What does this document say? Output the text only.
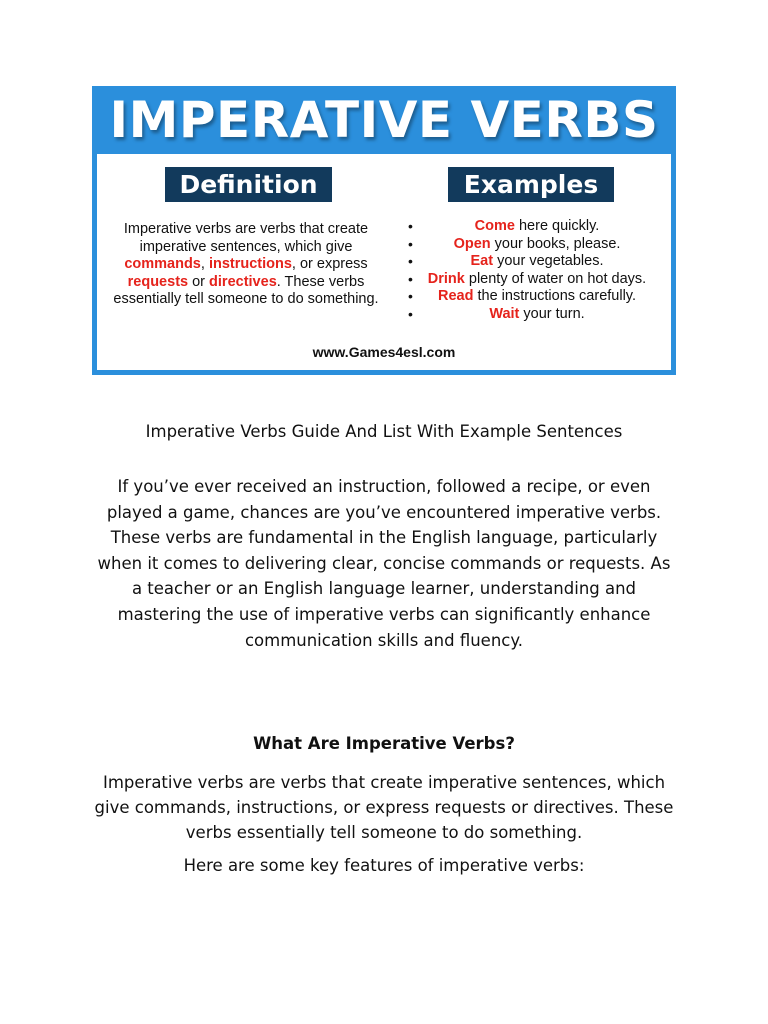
IMPERATIVE VERBS
Definition	Examples
Imperative verbs are verbs that create imperative sentences, which give commands, instructions, or express requests or directives. These verbs essentially tell someone to do something.
•	Come here quickly.
•	Open your books, please.
•	Eat your vegetables.
• Drink plenty of water on hot days.
• Read the instructions carefully.
•	Wait your turn.
www.Games4esl.com
Imperative Verbs Guide And List With Example Sentences
If you’ve ever received an instruction, followed a recipe, or even played a game, chances are you’ve encountered imperative verbs. These verbs are fundamental in the English language, particularly when it comes to delivering clear, concise commands or requests. As a teacher or an English language learner, understanding and mastering the use of imperative verbs can significantly enhance communication skills and fluency.
What Are Imperative Verbs?
Imperative verbs are verbs that create imperative sentences, which give commands, instructions, or express requests or directives. These verbs essentially tell someone to do something.
Here are some key features of imperative verbs:
